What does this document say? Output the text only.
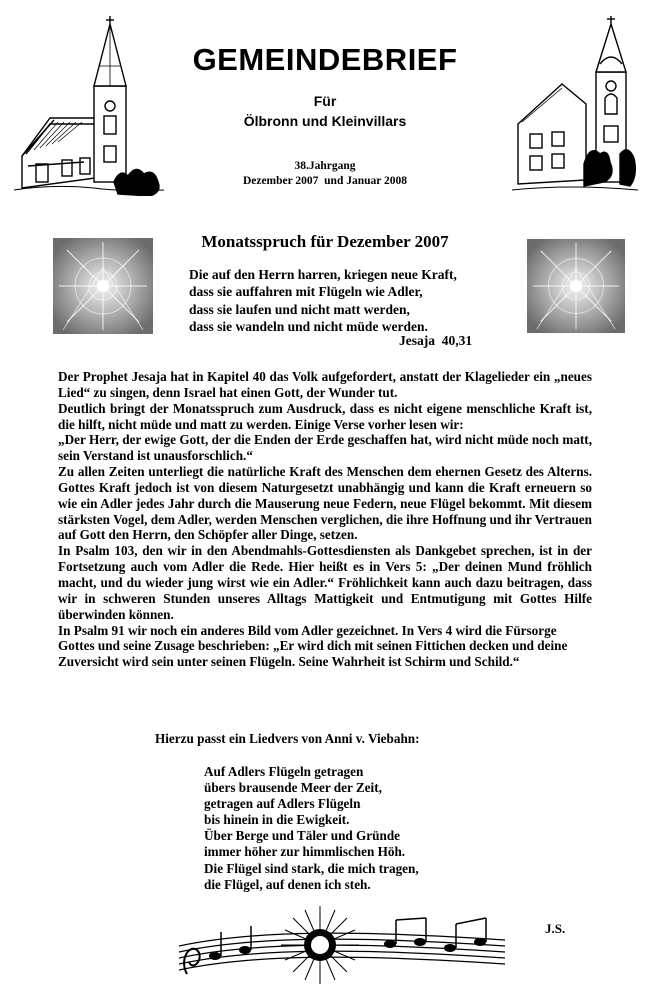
GEMEINDEBRIEF
Für
Ölbronn und Kleinvillars
38.Jahrgang
Dezember 2007  und Januar 2008
Monatsspruch für Dezember 2007
Die auf den Herrn harren, kriegen neue Kraft,
dass sie auffahren mit Flügeln wie Adler,
dass sie laufen und nicht matt werden,
dass sie wandeln und nicht müde werden.
Jesaja  40,31

Der Prophet Jesaja hat in Kapitel 40 das Volk aufgefordert, anstatt der Klagelieder ein „neues Lied“ zu singen, denn Israel hat einen Gott, der Wunder tut.

Deutlich bringt der Monatsspruch zum Ausdruck, dass es nicht eigene menschliche Kraft ist, die hilft, nicht müde und matt zu werden. Einige Verse vorher lesen wir:

„Der Herr, der ewige Gott, der die Enden der Erde geschaffen hat, wird nicht müde noch matt, sein Verstand ist unausforschlich.“

Zu allen Zeiten unterliegt die natürliche Kraft des Menschen dem ehernen Gesetz des Alterns. Gottes Kraft jedoch ist von diesem Naturgesetzt unabhängig und kann die Kraft erneuern so wie ein Adler jedes Jahr durch die Mauserung neue Federn, neue Flügel bekommt. Mit diesem stärksten Vogel, dem Adler, werden Menschen verglichen, die ihre Hoffnung und ihr Vertrauen auf Gott den Herrn, den Schöpfer aller Dinge, setzen.

In Psalm 103, den wir in den Abendmahls-Gottesdiensten als Dankgebet sprechen, ist in der Fortsetzung auch vom Adler die Rede. Hier heißt es in Vers 5: „Der deinen Mund fröhlich macht, und du wieder jung wirst wie ein Adler.“ Fröhlichkeit kann auch dazu beitragen, dass wir in schweren Stunden unseres Alltags Mattigkeit und Entmutigung mit Gottes Hilfe überwinden können.

In Psalm 91 wir noch ein anderes Bild vom Adler gezeichnet. In Vers 4 wird die Fürsorge Gottes und seine Zusage beschrieben: „Er wird dich mit seinen Fittichen decken und deine Zuversicht wird sein unter seinen Flügeln. Seine Wahrheit ist Schirm und Schild.“

Hierzu passt ein Liedvers von Anni v. Viebahn:
Auf Adlers Flügeln getragen
übers brausende Meer der Zeit,
getragen auf Adlers Flügeln
bis hinein in die Ewigkeit.
Über Berge und Täler und Gründe
immer höher zur himmlischen Höh.
Die Flügel sind stark, die mich tragen,
die Flügel, auf denen ich steh.
J.S.
